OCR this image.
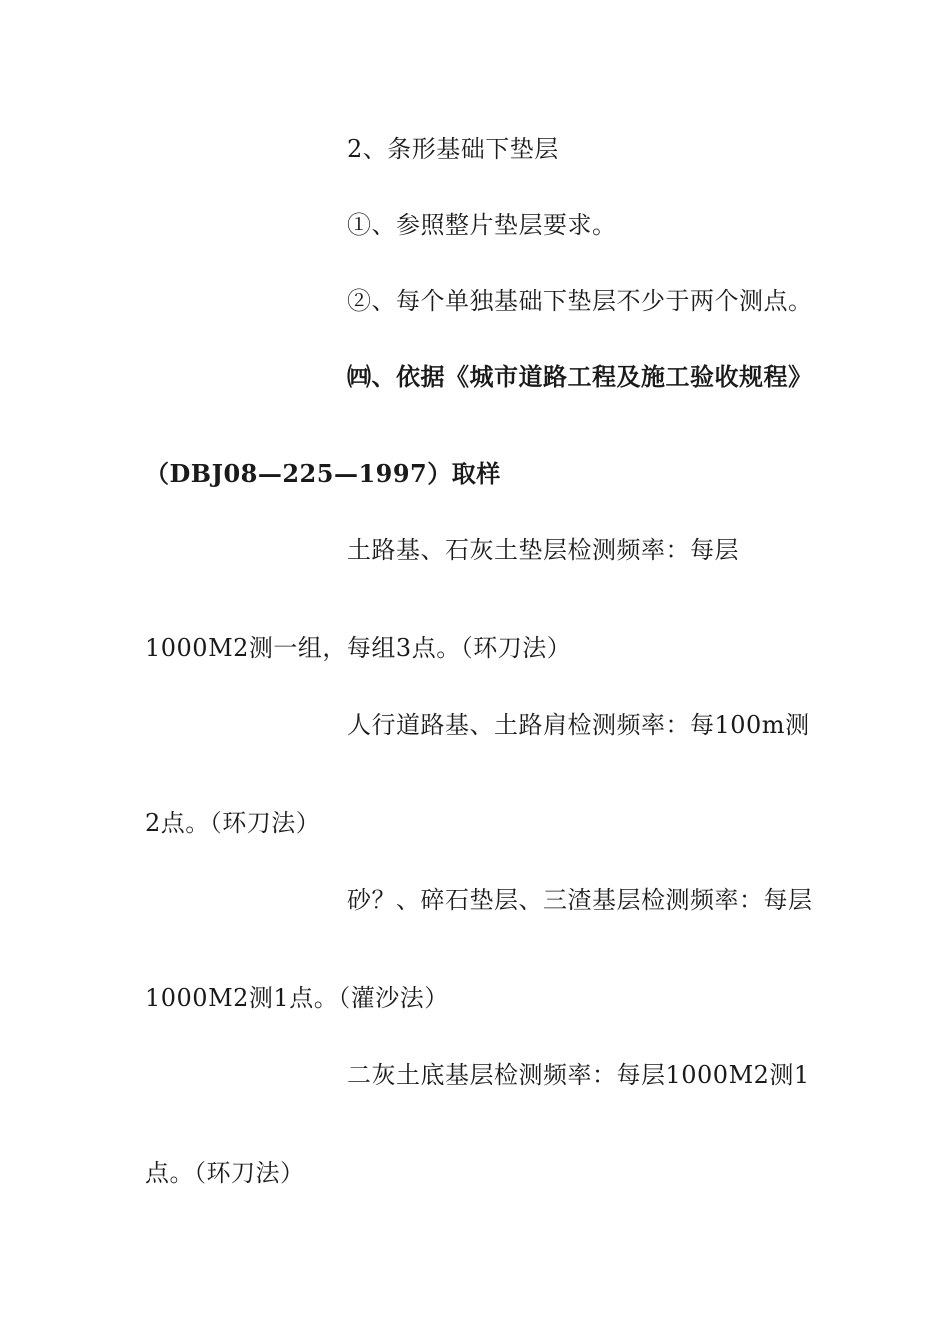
2、条形基础下垫层
①、参照整片垫层要求。
②、每个单独基础下垫层不少于两个测点。
㈣、依据《城市道路工程及施工验收规程》
（DBJ08—225—1997）取样
土路基、石灰土垫层检测频率：每层
1000M2测一组，每组3点。（环刀法）
人行道路基、土路肩检测频率：每100m测
2点。（环刀法）
砂？、碎石垫层、三渣基层检测频率：每层
1000M2测1点。（灌沙法）
二灰土底基层检测频率：每层1000M2测1
点。（环刀法）
